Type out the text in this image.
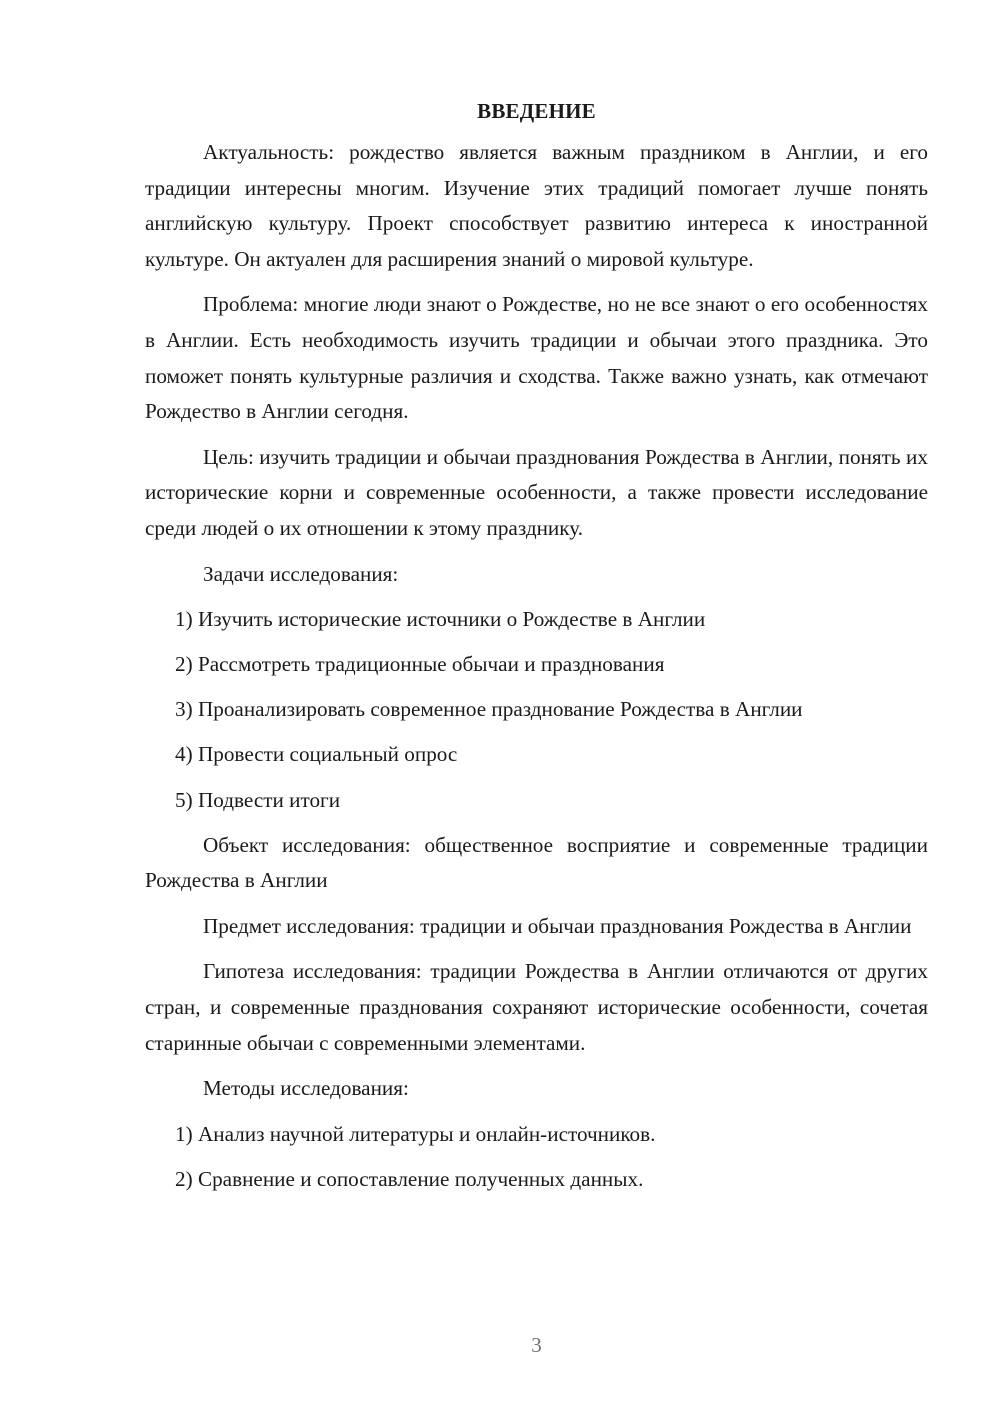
ВВЕДЕНИЕ

Актуальность: рождество является важным праздником в Англии, и его традиции интересны многим. Изучение этих традиций помогает лучше понять английскую культуру. Проект способствует развитию интереса к иностранной культуре. Он актуален для расширения знаний о мировой культуре.

Проблема: многие люди знают о Рождестве, но не все знают о его особенностях в Англии. Есть необходимость изучить традиции и обычаи этого праздника. Это поможет понять культурные различия и сходства. Также важно узнать, как отмечают Рождество в Англии сегодня.

Цель: изучить традиции и обычаи празднования Рождества в Англии, понять их исторические корни и современные особенности, а также провести исследование среди людей о их отношении к этому празднику.

Задачи исследования:

1) Изучить исторические источники о Рождестве в Англии
2) Рассмотреть традиционные обычаи и празднования
3) Проанализировать современное празднование Рождества в Англии
4) Провести социальный опрос
5) Подвести итоги

Объект исследования: общественное восприятие и современные традиции Рождества в Англии

Предмет исследования: традиции и обычаи празднования Рождества в Англии

Гипотеза исследования: традиции Рождества в Англии отличаются от других стран, и современные празднования сохраняют исторические особенности, сочетая старинные обычаи с современными элементами.

Методы исследования:

1) Анализ научной литературы и онлайн-источников.
2) Сравнение и сопоставление полученных данных.
3
